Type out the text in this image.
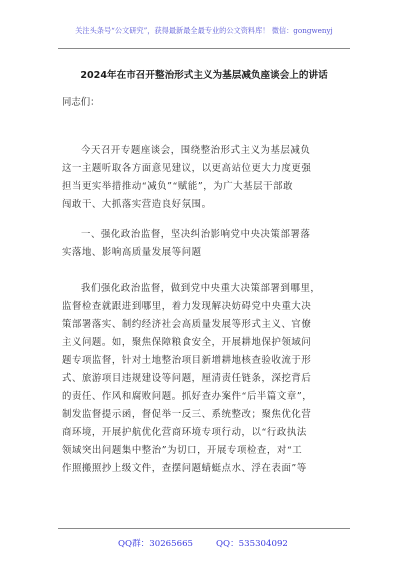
关注头条号“公文研究”，获得最新最全最专业的公文资料库！ 微信：gongwenyj
2024年在市召开整治形式主义为基层减负座谈会上的讲话
同志们：
今天召开专题座谈会，围绕整治形式主义为基层减负
这一主题听取各方面意见建议，以更高站位更大力度更强
担当更实举措推动“减负”“赋能”，为广大基层干部敢
闯敢干、大抓落实营造良好氛围。
一、强化政治监督，坚决纠治影响党中央决策部署落
实落地、影响高质量发展等问题
我们强化政治监督，做到党中央重大决策部署到哪里，
监督检查就跟进到哪里，着力发现解决妨碍党中央重大决
策部署落实、制约经济社会高质量发展等形式主义、官僚
主义问题。如，聚焦保障粮食安全，开展耕地保护领域问
题专项监督，针对土地整治项目新增耕地核查验收流于形
式、旅游项目违规建设等问题，厘清责任链条，深挖背后
的责任、作风和腐败问题。抓好查办案件“后半篇文章”，
制发监督提示函，督促举一反三、系统整改；聚焦优化营
商环境，开展护航优化营商环境专项行动，以“行政执法
领域突出问题集中整治”为切口，开展专项检查，对“工
作照搬照抄上级文件，查摆问题蜻蜓点水、浮在表面”等
QQ群：30265665	QQ：535304092
